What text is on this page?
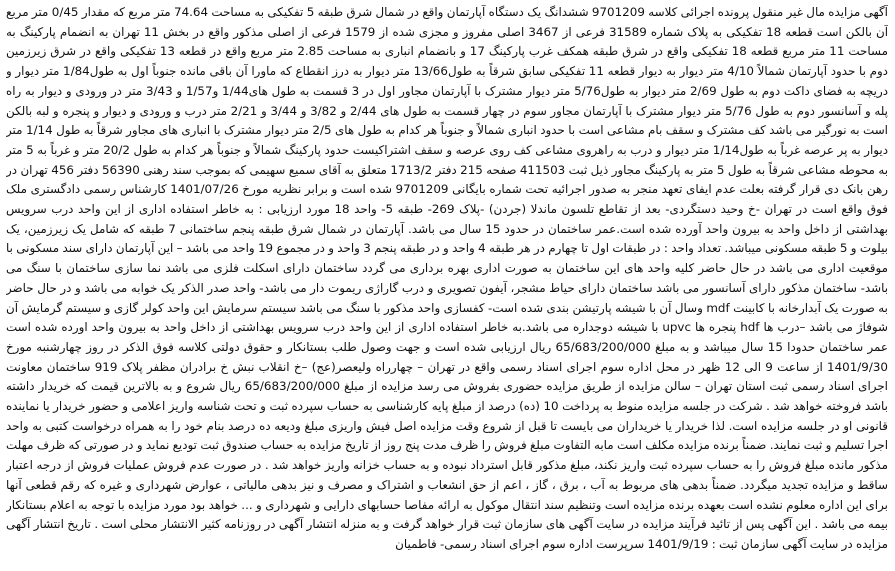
آگهی مزایده مال غیر منقول پرونده اجرائی کلاسه 9701209 ششدانگ یک دستگاه آپارتمان واقع در شمال شرق طبقه 5 تفکیکی به مساحت 74.64 متر مربع که مقدار 0/45 متر مربع آن بالکن است قطعه 18 تفکیکی به پلاک شماره 31589 فرعی از 3467 اصلی مفروز و مجزی شده از 1579 فرعی از اصلی مذکور واقع در بخش 11 تهران به انضمام پارکینگ به مساحت 11 متر مربع قطعه 18 تفکیکی واقع در شرق طبقه همکف غرب پارکینگ 17 و بانضمام انباری به مساحت 2.85 متر مربع واقع در قطعه 13 تفکیکی واقع در شرق زیرزمین دوم با حدود آپارتمان شمالاً 4/10 متر دیوار به دیوار قطعه 11 تفکیکی سابق شرقاً به طول13/66 متر دیوار به درز انقطاع که ماورا آن باقی مانده جنوباً اول به طول1/84 متر دیوار و دریچه به فضای داکت دوم به طول 2/69 متر دیوار به طول5/76 متر دیوار مشترک با آپارتمان مجاور اول در 3 قسمت به طول های1/44 و1/57 و 3/43 متر در ورودی و دیوار به راه پله و آسانسور دوم به طول 5/76 متر دیوار مشترک با آپارتمان مجاور سوم در چهار قسمت به طول های 2/44 و 3/82 و 3/44 و 2/21 متر درب و ورودی و دیوار و پنجره و لبه بالکن است به نورگیر می باشد کف مشترک و سقف بام مشاعی است با حدود انباری شمالاً و جنوباً هر کدام به طول های 2/5 متر دیوار مشترک با انباری های مجاور شرقاً به طول 1/14 متر دیوار به پر عرصه غرباً به طول1/14 متر دیوار و درب به راهروی مشاعی کف روی عرصه و سقف اشتراکیست حدود پارکینگ شمالاً و جنوباً هر کدام به طول 20/2 متر و غرباً به 5 متر به محوطه مشاعی شرقاً به طول 5 متر به پارکینگ مجاور ذیل ثبت 411503 صفحه 215 دفتر 1713/2 متعلق به آقای سمیع سهیمی که بموجب سند رهنی 56390 دفتر 456 تهران در رهن بانک دی قرار گرفته بعلت عدم ایفای تعهد منجر به صدور اجرائیه تحت شماره بایگانی 9701209 شده است و برابر نظریه مورخ 1401/07/26 کارشناس رسمی دادگستری ملک فوق واقع است در تهران -خ وحید دستگردی- بعد از تقاطع تلسون ماندلا (جردن) -پلاک 269- طبقه 5- واحد 18 مورد ارزیابی : به خاطر استفاده اداری از این واحد درب سرویس بهداشتی از داخل واحد به بیرون واحد آورده شده است.عمر ساختمان در حدود 15 سال می باشد. آپارتمان در شمال شرق طبقه پنجم ساختمانی 7 طبقه که شامل یک زیرزمین، یک بیلوت و 5 طبقه مسکونی میباشد. تعداد واحد : در طبقات اول تا چهارم در هر طبقه 4 واحد و در طبقه پنجم 3 واحد و در مجموع 19 واحد می باشد – این آپارتمان دارای سند مسکونی با موقعیت اداری می باشد در حال حاضر کلیه واحد های این ساختمان به صورت اداری بهره برداری می گردد ساختمان دارای اسکلت فلزی می باشد نما سازی ساختمان با سنگ می باشد- ساختمان مذکور دارای آسانسور می باشد ساختمان دارای حیاط مشجر، آیفون تصویری و درب گاراژی ریموت دار می باشد- واحد صدر الذکر یک خوابه می باشد و در حال حاضر به صورت یک آبدارخانه با کابینت mdf وسال آن با شیشه پارتیشن بندی شده است- کفسازی واحد مذکور با سنگ می باشد سیستم سرمایش این واحد کولر گازی و سیستم گرمایش آن شوفاژ می باشد –درب ها hdf پنجره ها upvc با شیشه دوجداره می باشد.به خاطر استفاده اداری از این واحد درب سرویس بهداشتی از داخل واحد به بیرون واحد اورده شده است عمر ساختمان حدودا 15 سال میباشد و به مبلغ 65/683/200/000 ریال ارزیابی شده است و جهت وصول طلب بستانکار و حقوق دولتی کلاسه فوق الذکر در روز چهارشنبه مورخ 1401/9/30 از ساعت 9 الی 12 ظهر در محل اداره سوم اجرای اسناد رسمی واقع در تهران – چهارراه ولیعصر(عج) –خ انقلاب نبش خ برادران مظفر پلاک 919 ساختمان معاونت اجرای اسناد رسمی ثبت استان تهران – سالن مزایده از طریق مزایده حضوری بفروش می رسد مزایده از مبلغ 65/683/200/000 ریال شروع و به بالاترین قیمت که خریدار داشته باشد فروخته خواهد شد . شرکت در جلسه مزایده منوط به پرداخت 10 (ده) درصد از مبلغ پایه کارشناسی به حساب سپرده ثبت و تحت شناسه واریز اعلامی و حضور خریدار یا نماینده قانونی او در جلسه مزایده است. لذا خریدار یا خریداران می بایست تا قبل از شروع وقت مزایده اصل فیش واریزی مبلغ وديعه ده درصد بنام خود را به همراه درخواست کتبی به واحد اجرا تسلیم و ثبت نمایند. ضمناً برنده مزایده مکلف است مابه التفاوت مبلغ فروش را ظرف مدت پنج روز از تاریخ مزایده به حساب صندوق ثبت تودیع نماید و در صورتی که ظرف مهلت مذکور مانده مبلغ فروش را به حساب سپرده ثبت واریز نکند، مبلغ مذکور قابل استرداد نبوده و به حساب خزانه واریز خواهد شد . در صورت عدم فروش عملیات فروش از درجه اعتبار ساقط و مزایده تجدید میگردد. ضمناً بدهی های مربوط به آب ، برق ، گاز ، اعم از حق انشعاب و اشتراک و مصرف و نیز بدهی مالیاتی ، عوارض شهرداری و غیره که رقم قطعی آنها برای این اداره معلوم نشده است بعهده برنده مزایده است وتنظیم سند انتقال موکول به ارائه مفاصا حسابهای دارایی و شهرداری و ... خواهد بود مورد مزایده با توجه به اعلام بستانکار بیمه می باشد . این آگهی پس از تائید فرآیند مزایده در سایت آگهی های سازمان ثبت قرار خواهد گرفت و به منزله انتشار آگهی در روزنامه کثیر الانتشار محلی است . تاریخ انتشار آگهی مزایده در سایت آگهی سازمان ثبت : 1401/9/19 سرپرست اداره سوم اجرای اسناد رسمی- فاطمیان
